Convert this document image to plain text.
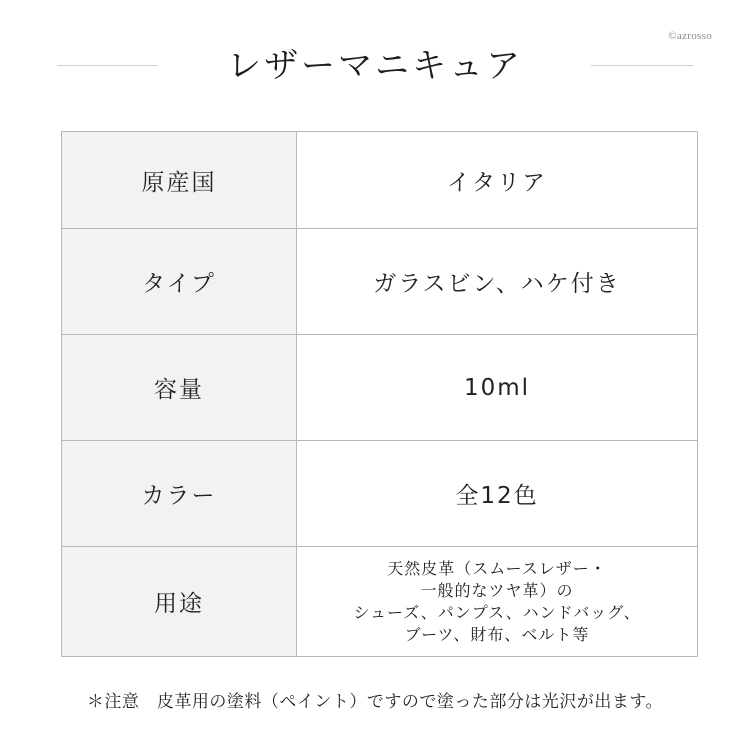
©azrosso
レザーマニキュア
原産国	イタリア
タイプ	ガラスビン、ハケ付き
容量	10ml
カラー	全12色
用途	天然皮革（スムースレザー・
一般的なツヤ革）の
シューズ、パンプス、ハンドバッグ、
ブーツ、財布、ベルト等
＊注意　皮革用の塗料（ペイント）ですので塗った部分は光沢が出ます。
